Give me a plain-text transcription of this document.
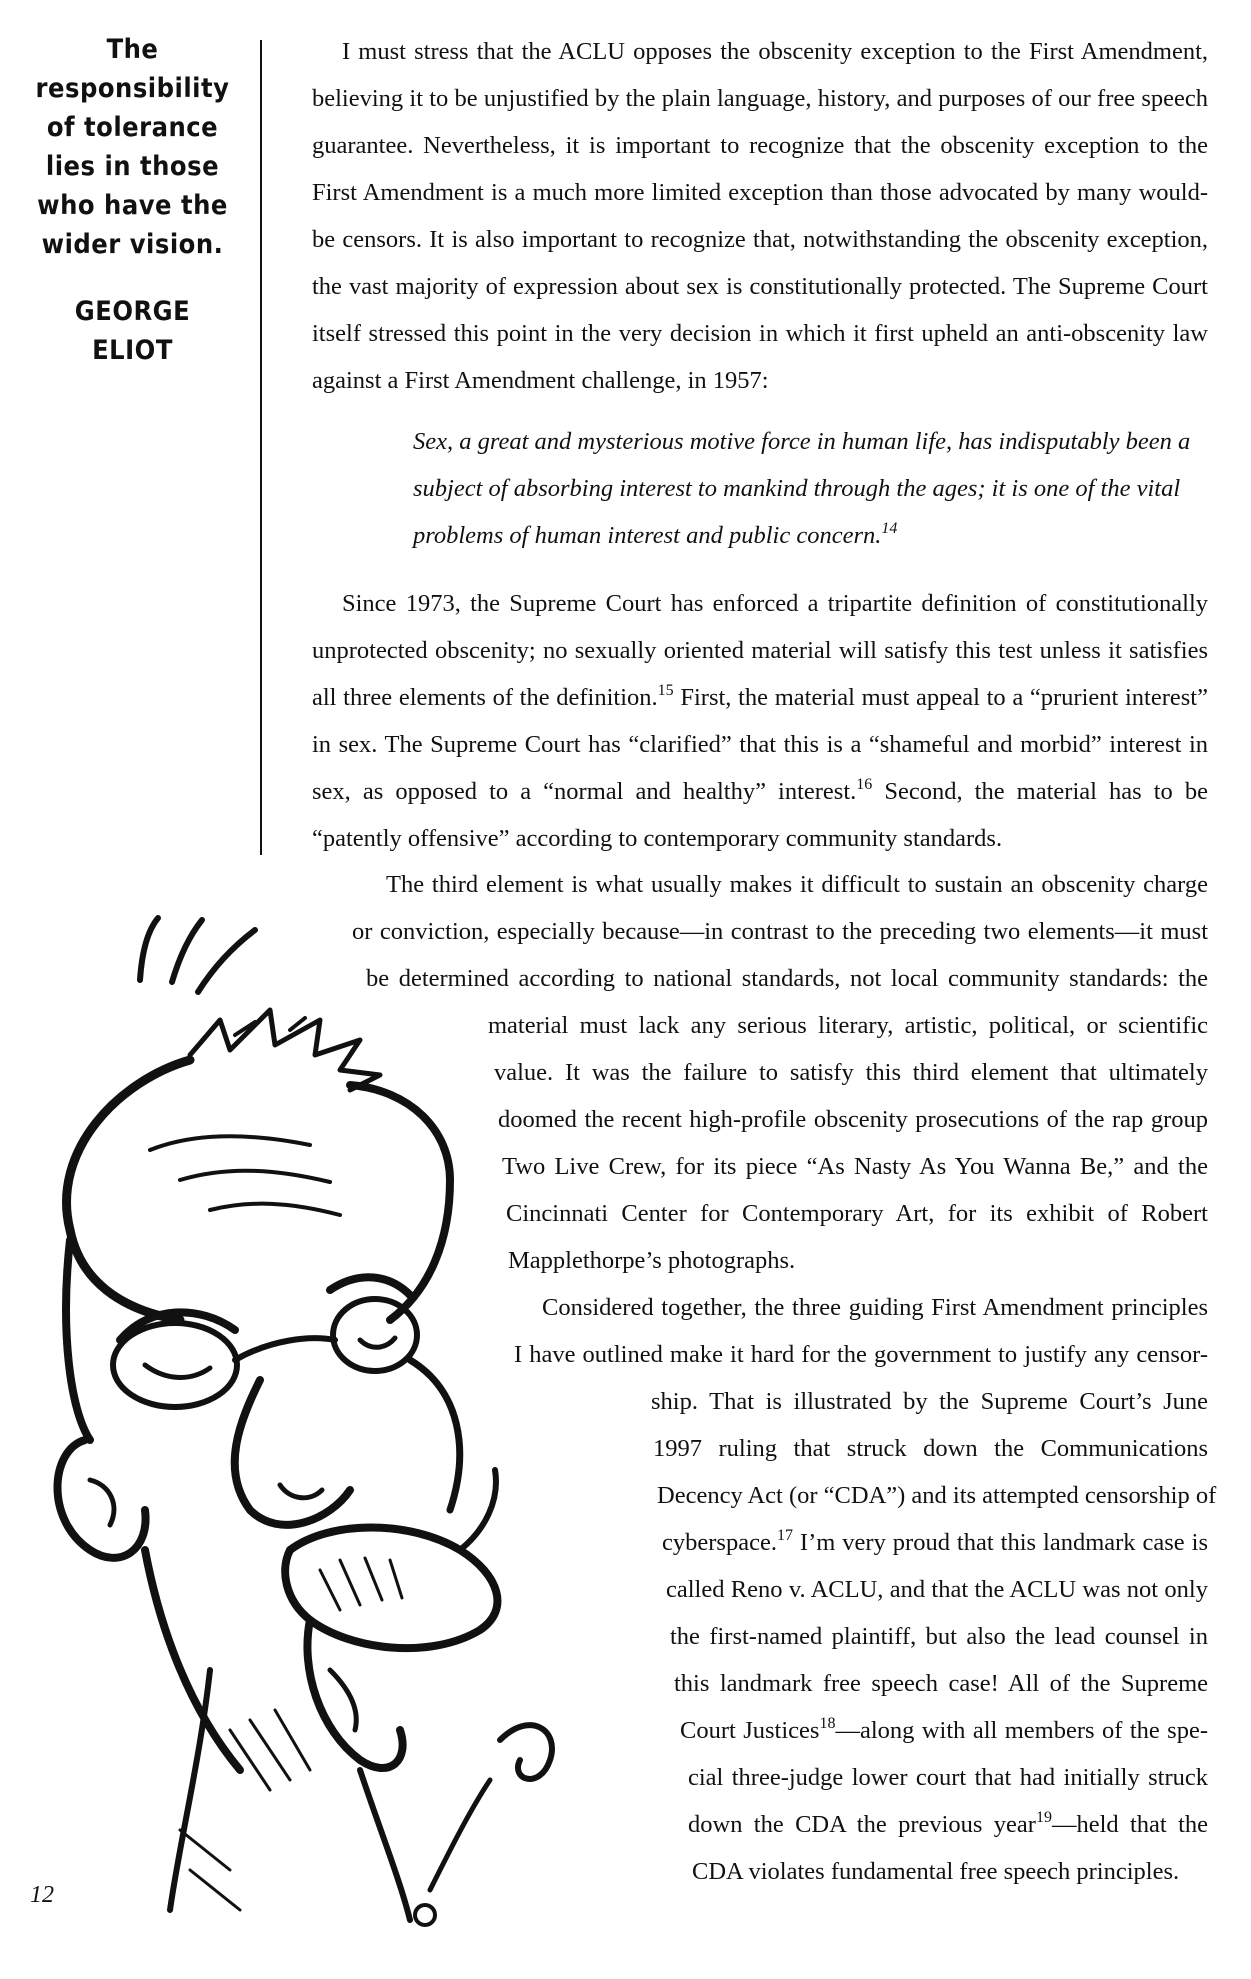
The
responsibility
of tolerance
lies in those
who have the
wider vision.
GEORGE
ELIOT

I must stress that the ACLU opposes the obscenity exception to the First Amendment, believing it to be unjustified by the plain language, history, and purposes of our free speech guarantee. Nevertheless, it is important to recognize that the obscenity exception to the First Amendment is a much more limited exception than those advocated by many would-be censors. It is also important to recognize that, notwithstanding the obscenity exception, the vast majority of expression about sex is constitutionally protected. The Supreme Court itself stressed this point in the very decision in which it first upheld an anti-obscenity law against a First Amendment challenge, in 1957:

Sex, a great and mysterious motive force in human life, has indisputably been a subject of absorbing interest to mankind through the ages; it is one of the vital problems of human interest and public concern.$^{14}$

Since 1973, the Supreme Court has enforced a tripartite definition of constitutionally unprotected obscenity; no sexually oriented material will satisfy this test unless it satisfies all three elements of the definition.$^{15}$ First, the material must appeal to a “prurient interest” in sex. The Supreme Court has “clarified” that this is a “shameful and morbid” interest in sex, as opposed to a “normal and healthy” interest.$^{16}$ Second, the material has to be “patently offensive” according to contemporary community standards.

The third element is what usually makes it difficult to sustain an obscenity charge
or conviction, especially because—in contrast to the preceding two elements—it must
be determined according to national standards, not local community standards: the
material must lack any serious literary, artistic, political, or scientific
value. It was the failure to satisfy this third element that ultimately
doomed the recent high-profile obscenity prosecutions of the rap group
Two Live Crew, for its piece “As Nasty As You Wanna Be,” and the
Cincinnati Center for Contemporary Art, for its exhibit of Robert
Mapplethorpe’s photographs.
Considered together, the three guiding First Amendment principles
I have outlined make it hard for the government to justify any censor-
ship. That is illustrated by the Supreme Court’s June
1997 ruling that struck down the Communications
Decency Act (or “CDA”) and its attempted censorship of
cyberspace.$^{17}$ I’m very proud that this landmark case is
called Reno v. ACLU, and that the ACLU was not only
the first-named plaintiff, but also the lead counsel in
this landmark free speech case! All of the Supreme
Court Justices$^{18}$—along with all members of the spe-
cial three-judge lower court that had initially struck
down the CDA the previous year$^{19}$—held that the
CDA violates fundamental free speech principles.
12
